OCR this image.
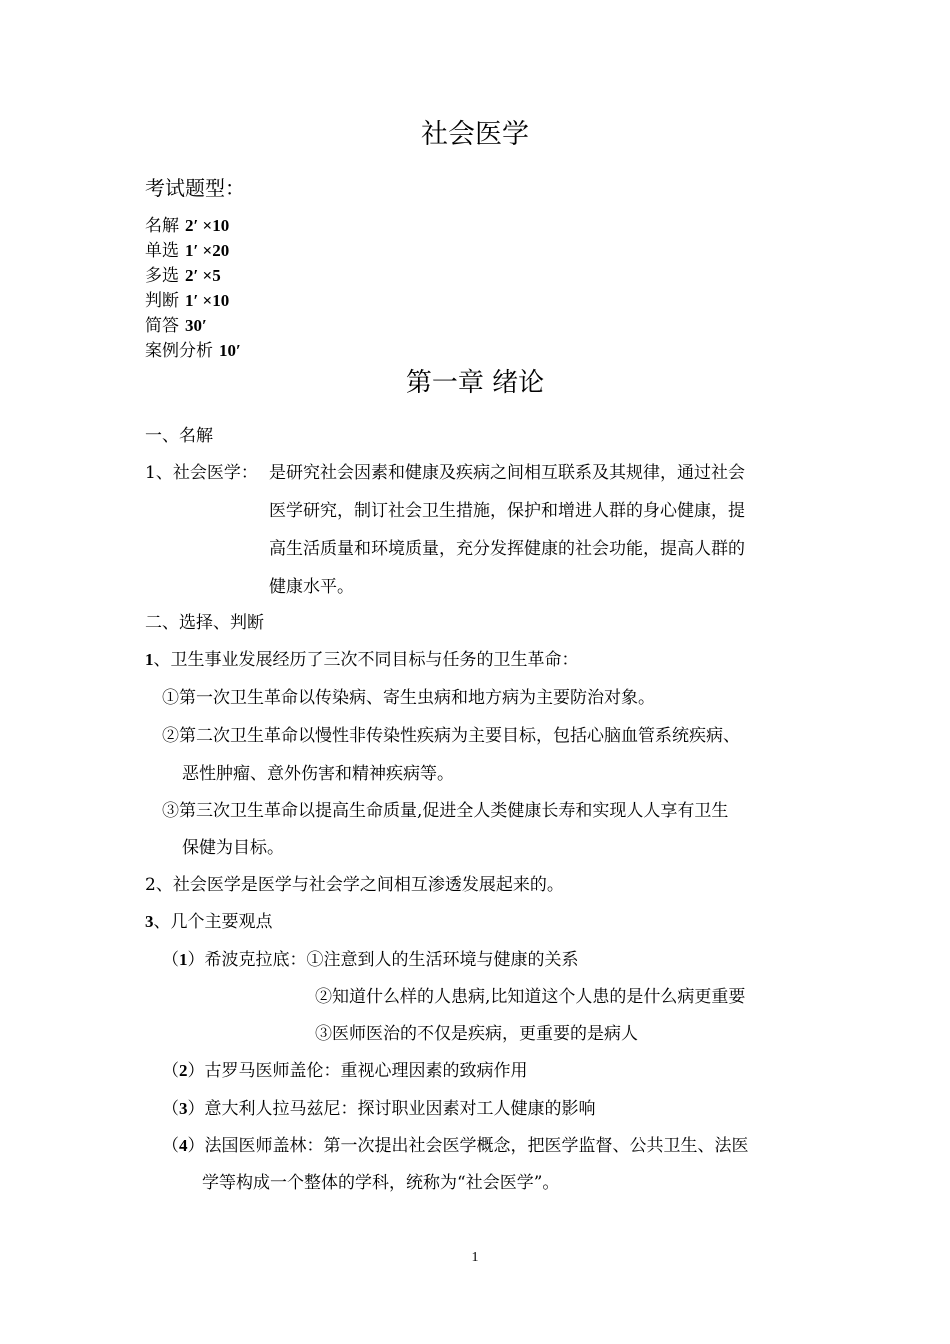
社会医学
考试题型：
名解 2′ ×10
单选 1′ ×20
多选 2′ ×5
判断 1′ ×10
简答 30′
案例分析 10′
第一章 绪论
一、名解
1、社会医学： 是研究社会因素和健康及疾病之间相互联系及其规律，通过社会
医学研究，制订社会卫生措施，保护和增进人群的身心健康，提
高生活质量和环境质量，充分发挥健康的社会功能，提高人群的
健康水平。
二、选择、判断
1、卫生事业发展经历了三次不同目标与任务的卫生革命：
①第一次卫生革命以传染病、寄生虫病和地方病为主要防治对象。
②第二次卫生革命以慢性非传染性疾病为主要目标，包括心脑血管系统疾病、
恶性肿瘤、意外伤害和精神疾病等。
③第三次卫生革命以提高生命质量,促进全人类健康长寿和实现人人享有卫生
保健为目标。
2、社会医学是医学与社会学之间相互渗透发展起来的。
3、几个主要观点
（1）希波克拉底：①注意到人的生活环境与健康的关系
②知道什么样的人患病,比知道这个人患的是什么病更重要
③医师医治的不仅是疾病，更重要的是病人
（2）古罗马医师盖伦：重视心理因素的致病作用
（3）意大利人拉马兹尼：探讨职业因素对工人健康的影响
（4）法国医师盖林：第一次提出社会医学概念，把医学监督、公共卫生、法医
学等构成一个整体的学科，统称为“社会医学”。
1
